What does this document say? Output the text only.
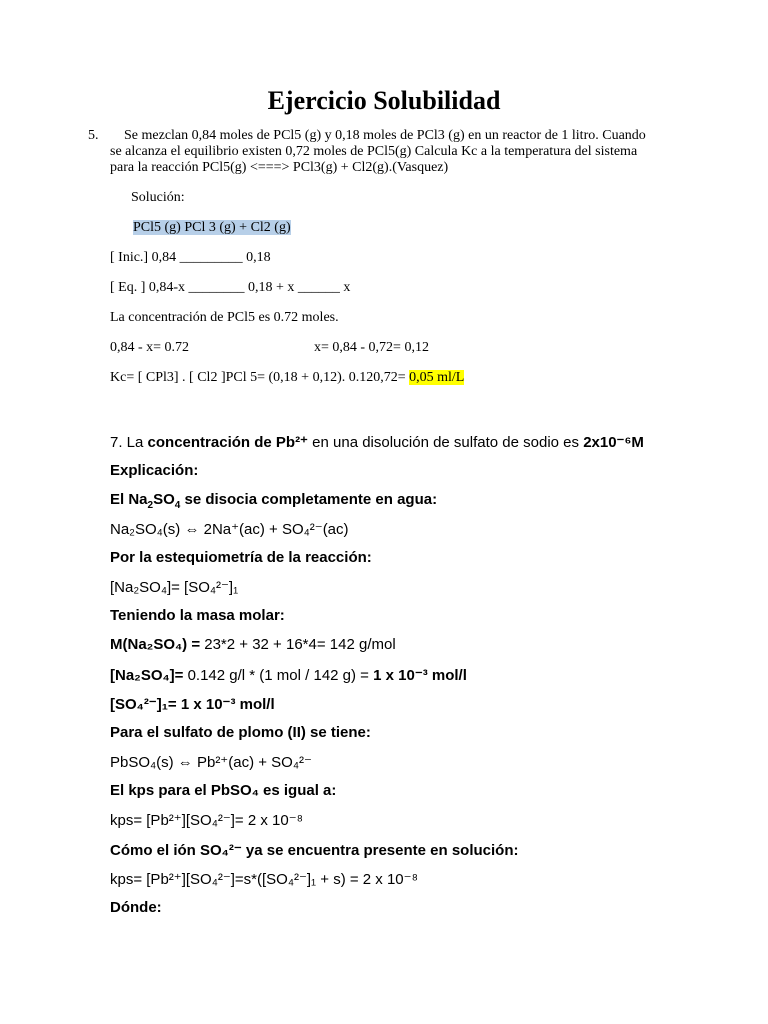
Ejercicio Solubilidad
5.	Se mezclan 0,84 moles de PCl5 (g) y 0,18 moles de PCl3 (g) en un reactor de 1 litro. Cuando
se alcanza el equilibrio existen 0,72 moles de PCl5(g) Calcula Kc a la temperatura del sistema
para la reacción PCl5(g) <===> PCl3(g) + Cl2(g).(Vasquez)
Solución:
PCl5 (g) PCl 3 (g) + Cl2 (g)
[ Inic.] 0,84 _________ 0,18
[ Eq. ] 0,84-x ________ 0,18 + x ______ x
La concentración de PCl5 es 0.72 moles.
0,84 - x= 0.72	x= 0,84 - 0,72= 0,12
Kc= [ CPl3] . [ Cl2 ]PCl 5= (0,18 + 0,12). 0.120,72= 0,05 ml/L
7. La concentración de Pb²⁺ en una disolución de sulfato de sodio es 2x10⁻⁶M
Explicación:
El $Na_2SO_4$ se disocia completamente en agua:
Na₂SO₄(s) ⇔ 2Na⁺(ac) + SO₄²⁻(ac)
Por la estequiometría de la reacción:
[Na₂SO₄]= [SO₄²⁻]₁
Teniendo la masa molar:
M(Na₂SO₄) = 23*2 + 32 + 16*4= 142 g/mol
[Na₂SO₄]= 0.142 g/l * (1 mol / 142 g) = 1 x 10⁻³ mol/l
[SO₄²⁻]₁= 1 x 10⁻³ mol/l
Para el sulfato de plomo (II) se tiene:
PbSO₄(s) ⇔ Pb²⁺(ac) + SO₄²⁻
El kps para el PbSO₄ es igual a:
kps= [Pb²⁺][SO₄²⁻]= 2 x 10⁻⁸
Cómo el ión SO₄²⁻ ya se encuentra presente en solución:
kps= [Pb²⁺][SO₄²⁻]=s*([SO₄²⁻]₁ + s) = 2 x 10⁻⁸
Dónde:
